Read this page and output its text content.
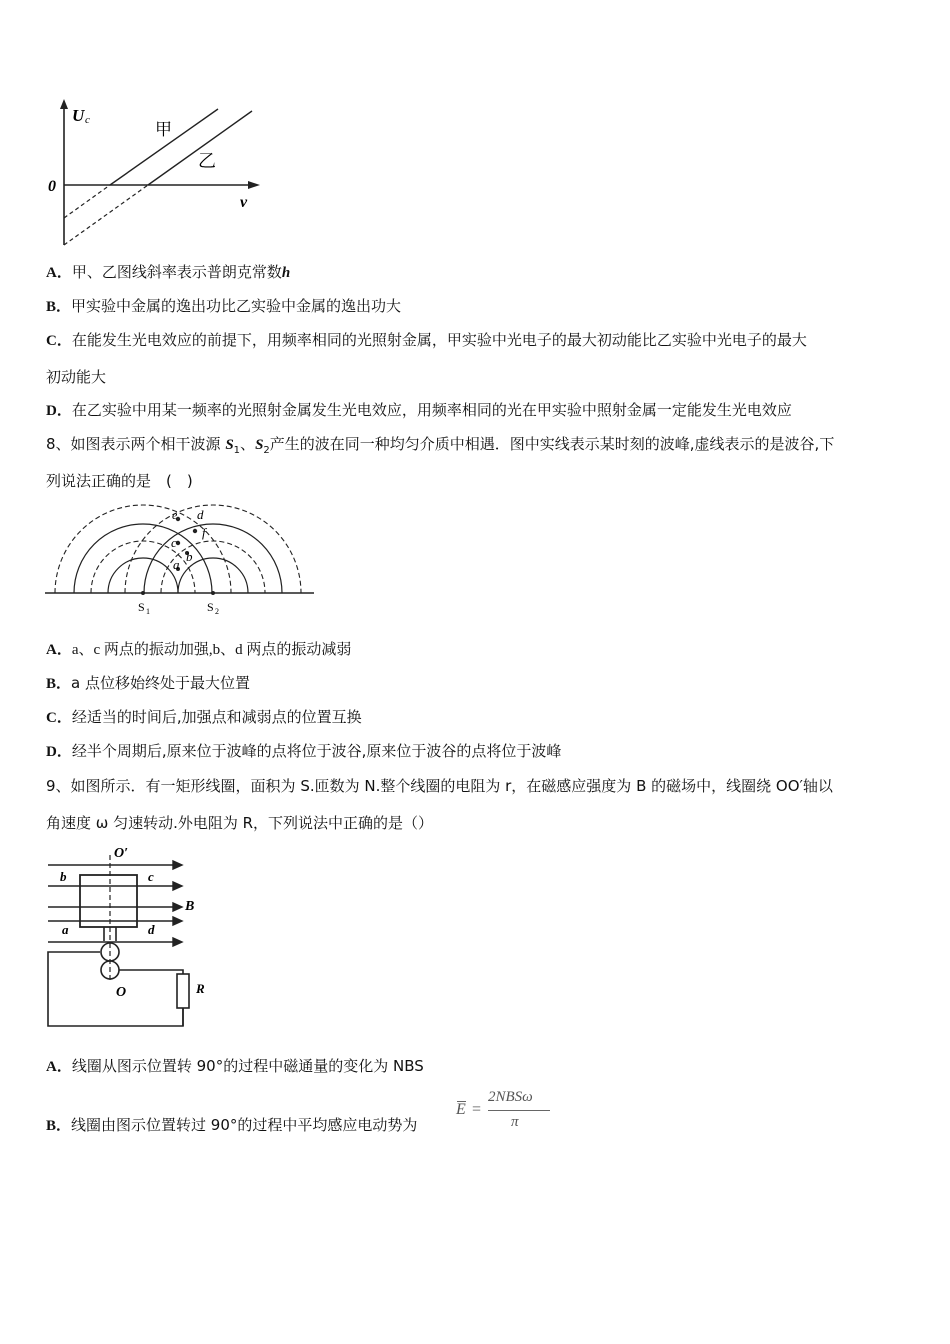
U c
0
v
甲
乙
A．甲、乙图线斜率表示普朗克常数h
B．甲实验中金属的逸出功比乙实验中金属的逸出功大
C．在能发生光电效应的前提下，用频率相同的光照射金属，甲实验中光电子的最大初动能比乙实验中光电子的最大
初动能大
D．在乙实验中用某一频率的光照射金属发生光电效应，用频率相同的光在甲实验中照射金属一定能发生光电效应
8、如图表示两个相干波源 $S_1$、$S_2$产生的波在同一种均匀介质中相遇．图中实线表示某时刻的波峰,虚线表示的是波谷,下
列说法正确的是　(　)
e d
f
c
b
a
S 1	S 2
A．a、c 两点的振动加强,b、d 两点的振动减弱
B．a 点位移始终处于最大位置
C．经适当的时间后,加强点和减弱点的位置互换
D．经半个周期后,原来位于波峰的点将位于波谷,原来位于波谷的点将位于波峰
9、如图所示．有一矩形线圈，面积为 S.匝数为 N.整个线圈的电阻为 r，在磁感应强度为 B 的磁场中，线圈绕 OO′轴以
角速度 ω 匀速转动.外电阻为 R，下列说法中正确的是（）
O′
O
b	c
a	d
B
R
A．线圈从图示位置转 90°的过程中磁通量的变化为 NBS
B．线圈由图示位置转过 90°的过程中平均感应电动势为
E =
2NBSω
π
